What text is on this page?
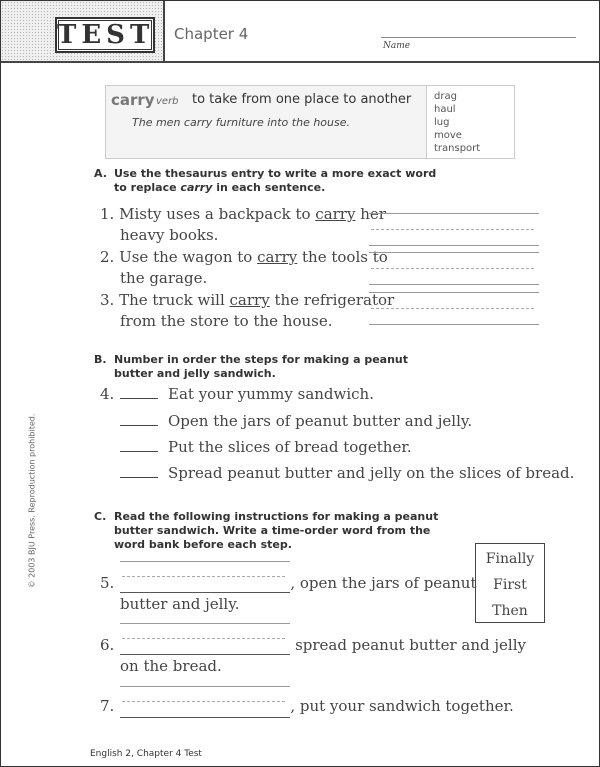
TEST Chapter 4
Name
carry verb to take from one place to another
The men carry furniture into the house.
drag
haul
lug
move
transport
A. Use the thesaurus entry to write a more exact word
to replace carry in each sentence.
1. Misty uses a backpack to carry her
heavy books.
2. Use the wagon to carry the tools to
the garage.
3. The truck will carry the refrigerator
from the store to the house.
B. Number in order the steps for making a peanut
butter and jelly sandwich.
4.	Eat your yummy sandwich.
Open the jars of peanut butter and jelly.
Put the slices of bread together.
Spread peanut butter and jelly on the slices of bread.
C. Read the following instructions for making a peanut
butter sandwich. Write a time-order word from the
word bank before each step.
5.	, open the jars of peanut
butter and jelly.
6.	spread peanut butter and jelly
on the bread.
7.	, put your sandwich together.
Finally
First
Then
© 2003 BJU Press. Reproduction prohibited.
English 2, Chapter 4 Test
